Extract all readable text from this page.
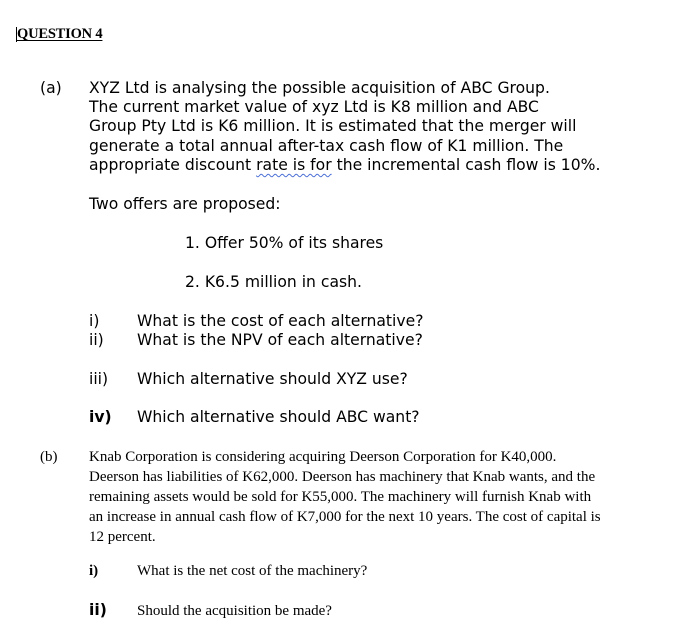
QUESTION 4
(a) XYZ Ltd is analysing the possible acquisition of ABC Group.
The current market value of xyz Ltd is K8 million and ABC
Group Pty Ltd is K6 million. It is estimated that the merger will
generate a total annual after-tax cash flow of K1 million. The
appropriate discount rate is for the incremental cash flow is 10%.
Two offers are proposed:
1. Offer 50% of its shares
2. K6.5 million in cash.
i) What is the cost of each alternative?
ii) What is the NPV of each alternative?
iii) Which alternative should XYZ use?
iv) Which alternative should ABC want?
(b) Knab Corporation is considering acquiring Deerson Corporation for K40,000.
Deerson has liabilities of K62,000. Deerson has machinery that Knab wants, and the
remaining assets would be sold for K55,000. The machinery will furnish Knab with
an increase in annual cash flow of K7,000 for the next 10 years. The cost of capital is
12 percent.
i)	What is the net cost of the machinery?
ii) Should the acquisition be made?
